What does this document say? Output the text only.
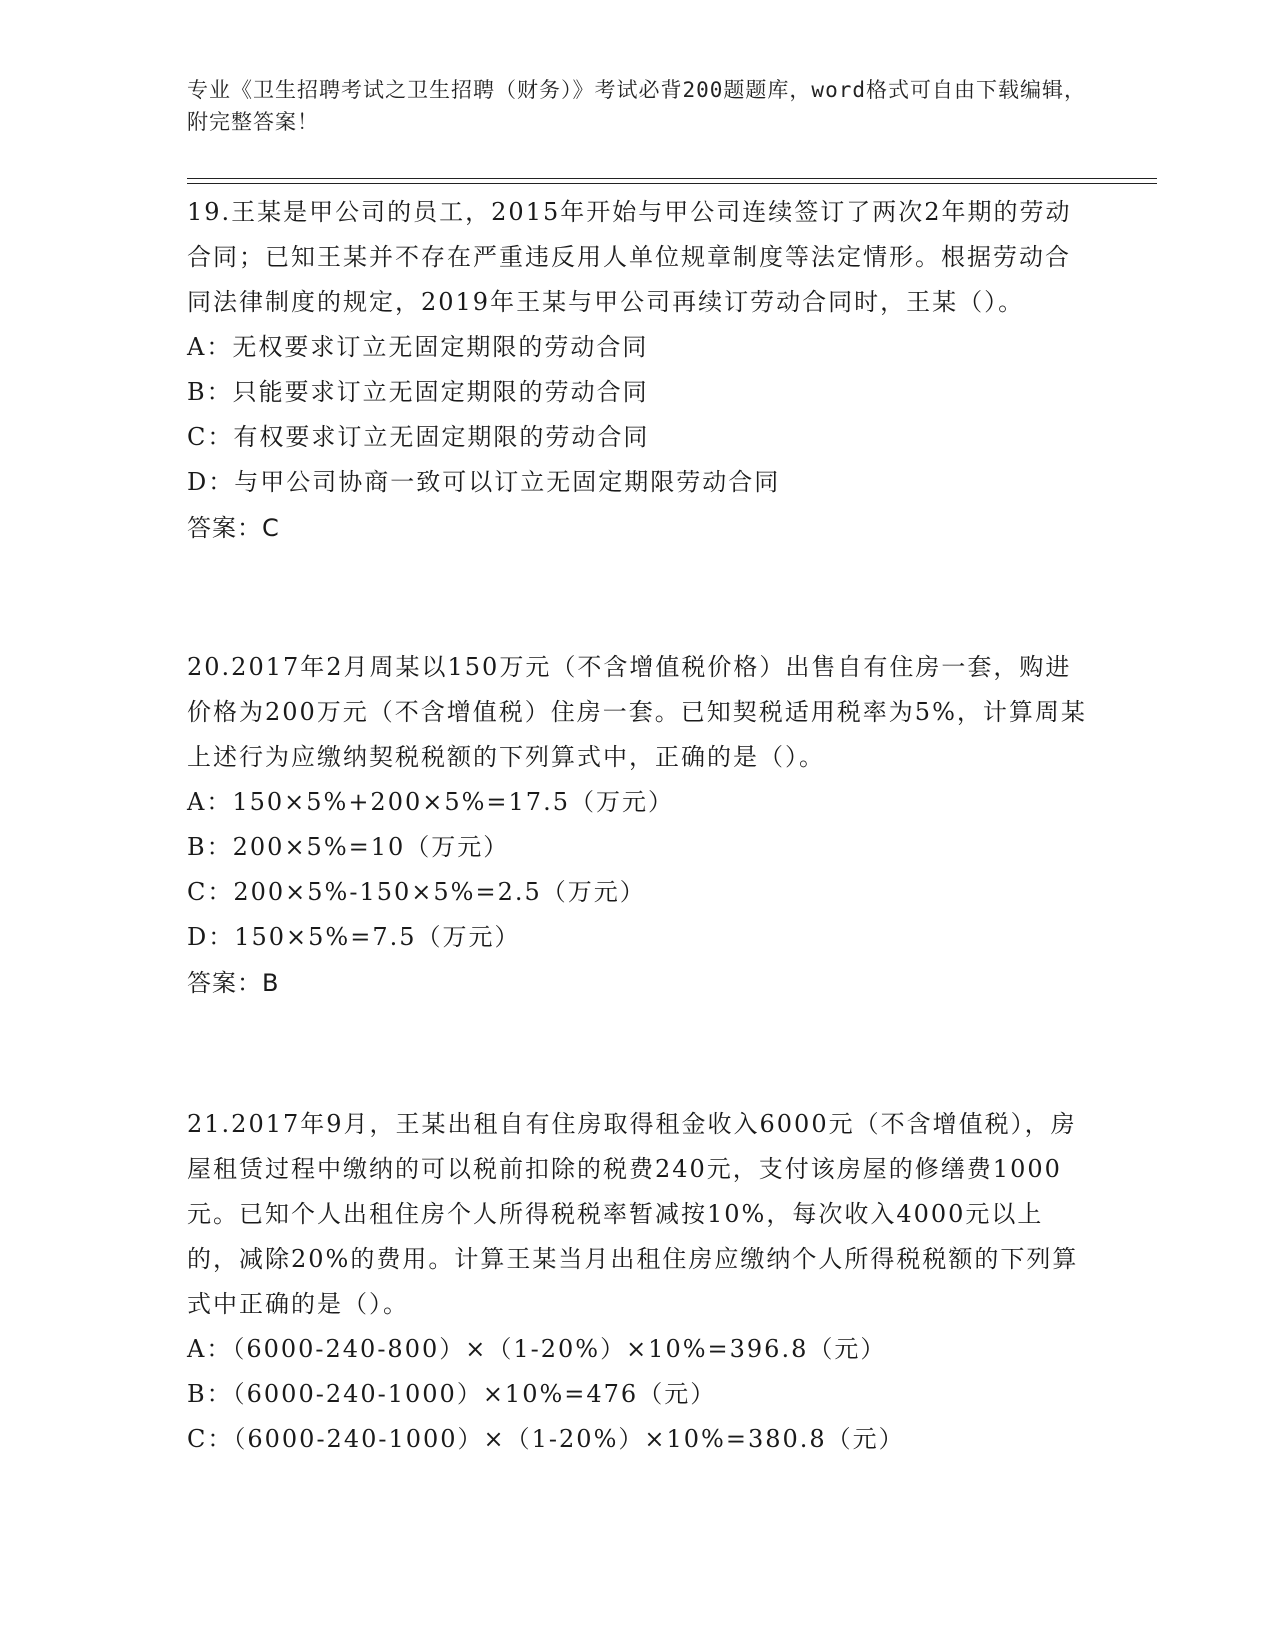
专业《卫生招聘考试之卫生招聘（财务）》考试必背200题题库，word格式可自由下载编辑，附完整答案！

19.王某是甲公司的员工，2015年开始与甲公司连续签订了两次2年期的劳动合同；已知王某并不存在严重违反用人单位规章制度等法定情形。根据劳动合同法律制度的规定，2019年王某与甲公司再续订劳动合同时，王某（）。

A：无权要求订立无固定期限的劳动合同

B：只能要求订立无固定期限的劳动合同

C：有权要求订立无固定期限的劳动合同

D：与甲公司协商一致可以订立无固定期限劳动合同

答案：C

20.2017年2月周某以150万元（不含增值税价格）出售自有住房一套，购进价格为200万元（不含增值税）住房一套。已知契税适用税率为5%，计算周某上述行为应缴纳契税税额的下列算式中，正确的是（）。

A：150×5%+200×5%=17.5（万元）

B：200×5%=10（万元）

C：200×5%-150×5%=2.5（万元）

D：150×5%=7.5（万元）

答案：B

21.2017年9月，王某出租自有住房取得租金收入6000元（不含增值税），房屋租赁过程中缴纳的可以税前扣除的税费240元，支付该房屋的修缮费1000元。已知个人出租住房个人所得税税率暂减按10%，每次收入4000元以上的，减除20%的费用。计算王某当月出租住房应缴纳个人所得税税额的下列算式中正确的是（）。

A：（6000-240-800）×（1-20%）×10%=396.8（元）

B：（6000-240-1000）×10%=476（元）

C：（6000-240-1000）×（1-20%）×10%=380.8（元）
